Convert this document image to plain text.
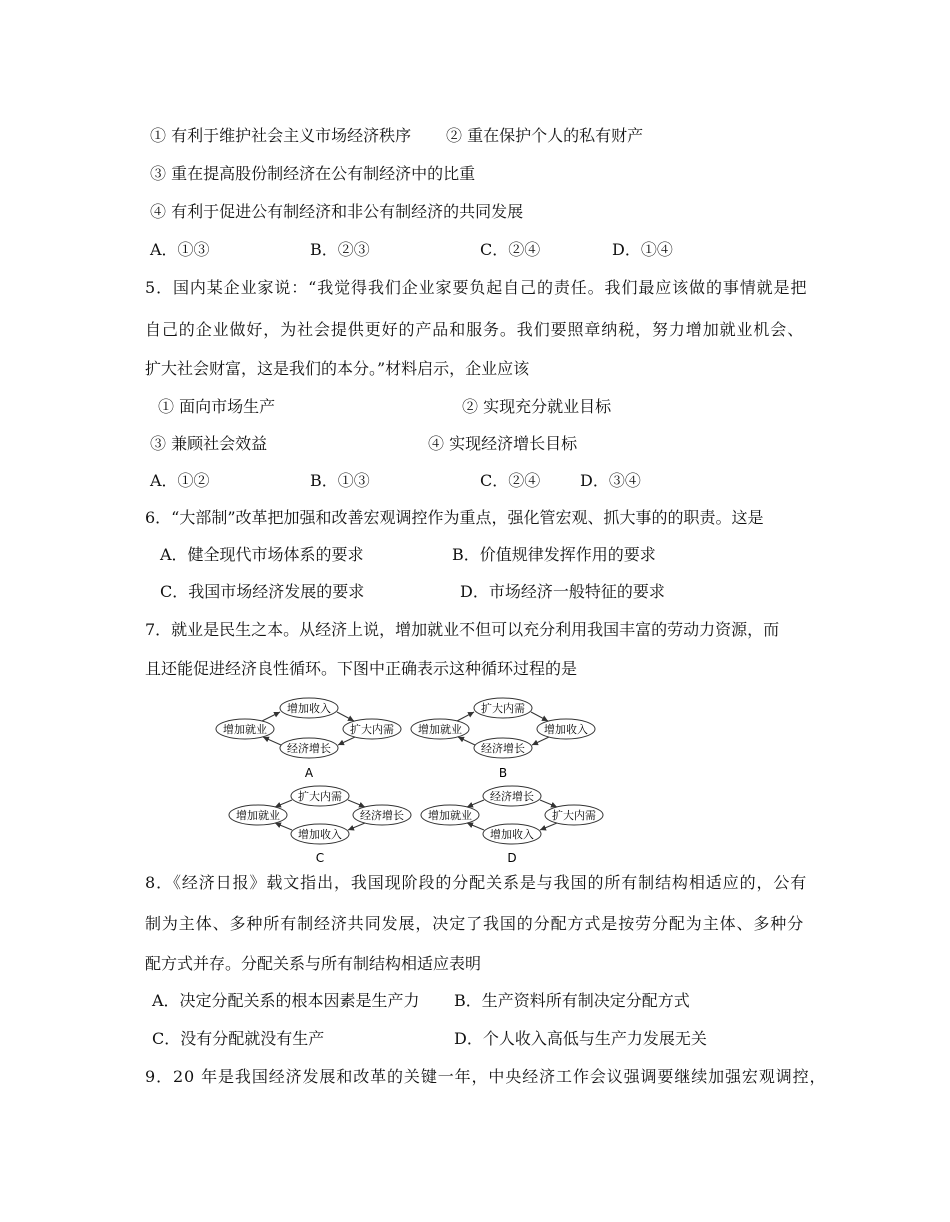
① 有利于维护社会主义市场经济秩序 ② 重在保护个人的私有财产
③ 重在提高股份制经济在公有制经济中的比重
④ 有利于促进公有制经济和非公有制经济的共同发展
A．①③	B．②③	C．②④	D．①④
5．国内某企业家说：“我觉得我们企业家要负起自己的责任。我们最应该做的事情就是把
自己的企业做好，为社会提供更好的产品和服务。我们要照章纳税，努力增加就业机会、
扩大社会财富，这是我们的本分。”材料启示，企业应该
① 面向市场生产	② 实现充分就业目标
③ 兼顾社会效益	④ 实现经济增长目标
A．①②	B．①③	C．②④ D．③④
6．“大部制”改革把加强和改善宏观调控作为重点，强化管宏观、抓大事的的职责。这是
A．健全现代市场体系的要求	B．价值规律发挥作用的要求
C．我国市场经济发展的要求	D．市场经济一般特征的要求
7．就业是民生之本。从经济上说，增加就业不但可以充分利用我国丰富的劳动力资源，而
且还能促进经济良性循环。下图中正确表示这种循环过程的是
增加就业
增加收入
扩大内需
经济增长
A
增加就业
扩大内需
增加收入
经济增长
B
增加就业
扩大内需
经济增长
增加收入
C
增加就业
经济增长
扩大内需
增加收入
D
8．《经济日报》载文指出，我国现阶段的分配关系是与我国的所有制结构相适应的，公有
制为主体、多种所有制经济共同发展，决定了我国的分配方式是按劳分配为主体、多种分
配方式并存。分配关系与所有制结构相适应表明
A．决定分配关系的根本因素是生产力 B．生产资料所有制决定分配方式
C．没有分配就没有生产	D．个人收入高低与生产力发展无关
9．20 年是我国经济发展和改革的关键一年，中央经济工作会议强调要继续加强宏观调控，
